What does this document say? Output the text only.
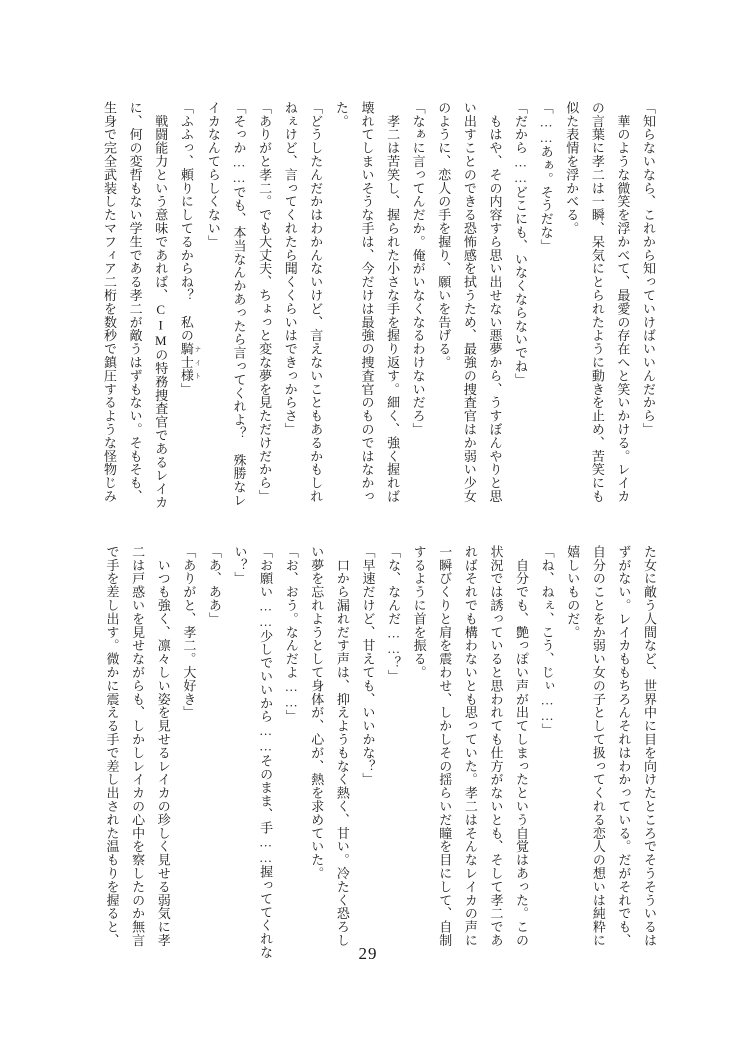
「知らないなら、これから知っていけばいいんだから」

　華のような微笑を浮かべて、最愛の存在へと笑いかける。レイカ

の言葉に孝二は一瞬、呆気にとられたように動きを止め、苦笑にも

似た表情を浮かべる。

「……あぁ。そうだな」

「だから……どこにも、いなくならないでね」

　もはや、その内容すら思い出せない悪夢から、うすぼんやりと思

い出すことのできる恐怖感を拭うため、最強の捜査官はか弱い少女

のように、恋人の手を握り、願いを告げる。

「なぁに言ってんだか。俺がいなくなるわけないだろ」

　孝二は苦笑し、握られた小さな手を握り返す。細く、強く握れば

壊れてしまいそうな手は、今だけは最強の捜査官のものではなかっ

た。

「どうしたんだかはわかんないけど、言えないこともあるかもしれ

ねぇけど、言ってくれたら聞くくらいはできっからさ」

「ありがと孝二。でも大丈夫、ちょっと変な夢を見ただけだから」

「そっか……でも、本当なんかあったら言ってくれよ？　殊勝なレ

イカなんてらしくない」

「ふふっ、頼りにしてるからね？　私の騎士様 ナイト」

　戦闘能力という意味であれば、CIMの特務捜査官であるレイカ

に、何の変哲もない学生である孝二が敵うはずもない。そもそも、

生身で完全武装したマフィア二桁を数秒で鎮圧するような怪物じみ

た女に敵う人間など、世界中に目を向けたところでそうそういるは

ずがない。レイカももちろんそれはわかっている。だがそれでも、

自分のことをか弱い女の子として扱ってくれる恋人の想いは純粋に

嬉しいものだ。

「ね、ねぇ、こう、じぃ……」

　自分でも、艶っぽい声が出てしまったという自覚はあった。この

状況では誘っていると思われても仕方がないとも、そして孝二であ

ればそれでも構わないとも思っていた。孝二はそんなレイカの声に

一瞬びくりと肩を震わせ、しかしその揺らいだ瞳を目にして、自制

するように首を振る。

「な、なんだ……？」

「早速だけど、甘えても、いいかな？」

　口から漏れだす声は、抑えようもなく熱く、甘い。冷たく恐ろし

い夢を忘れようとして身体が、心が、熱を求めていた。

「お、おう。なんだよ……」

「お願い……少しでいいから……そのまま、手……握っててくれな

い？」

「あ、ああ」

「ありがと、孝二。大好き」

　いつも強く、凛々しい姿を見せるレイカの珍しく見せる弱気に孝

二は戸惑いを見せながらも、しかしレイカの心中を察したのか無言

で手を差し出す。微かに震える手で差し出された温もりを握ると、

29
